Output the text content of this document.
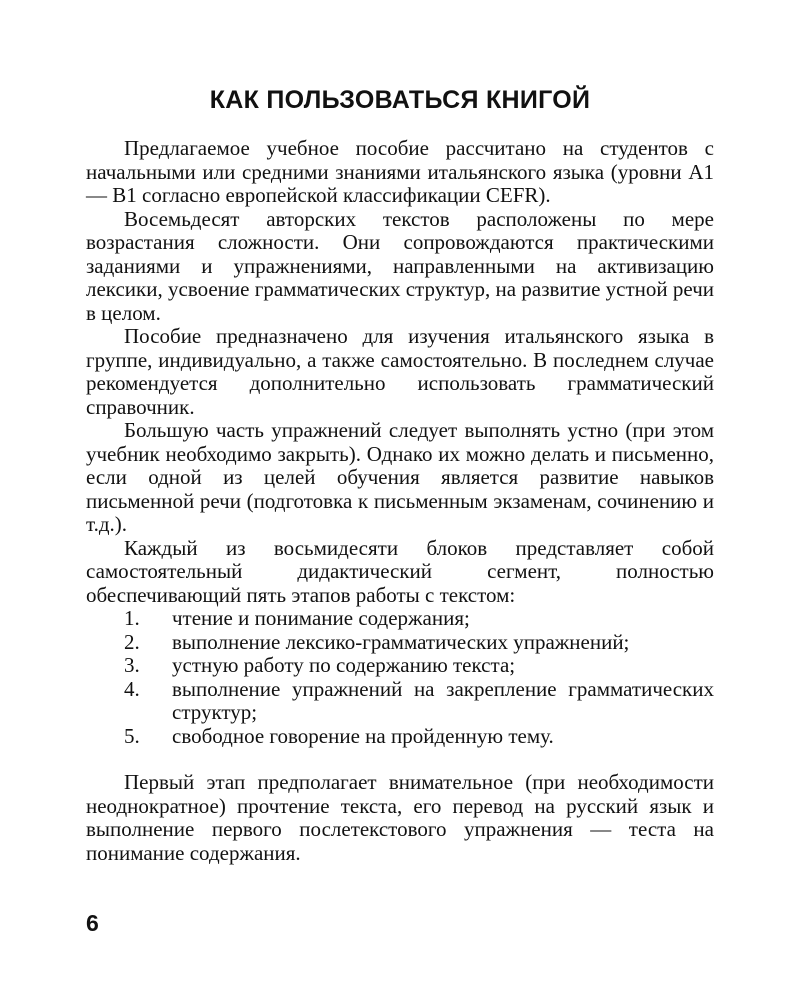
КАК ПОЛЬЗОВАТЬСЯ КНИГОЙ

Предлагаемое учебное пособие рассчитано на студентов с начальными или средними знаниями итальянского языка (уровни А1 — В1 согласно европейской классификации CEFR).

Восемьдесят авторских текстов расположены по мере возрастания сложности. Они сопровождаются практическими заданиями и упражнениями, направленными на активизацию лексики, усвоение грамматических структур, на развитие устной речи в целом.

Пособие предназначено для изучения итальянского языка в группе, индивидуально, а также самостоятельно. В последнем случае рекомендуется дополнительно использовать грамматический справочник.

Большую часть упражнений следует выполнять устно (при этом учебник необходимо закрыть). Однако их можно делать и письменно, если одной из целей обучения является развитие навыков письменной речи (подготовка к письменным экзаменам, сочинению и т.д.).

Каждый из восьмидесяти блоков представляет собой самостоятельный дидактический сегмент, полностью обеспечивающий пять этапов работы с текстом:

1. чтение и понимание содержания;
2. выполнение лексико-грамматических упражнений;
3. устную работу по содержанию текста;
4. выполнение упражнений на закрепление грамматических структур;
5. свободное говорение на пройденную тему.

Первый этап предполагает внимательное (при необходимости неоднократное) прочтение текста, его перевод на русский язык и выполнение первого послетекстового упражнения — теста на понимание содержания.

6
